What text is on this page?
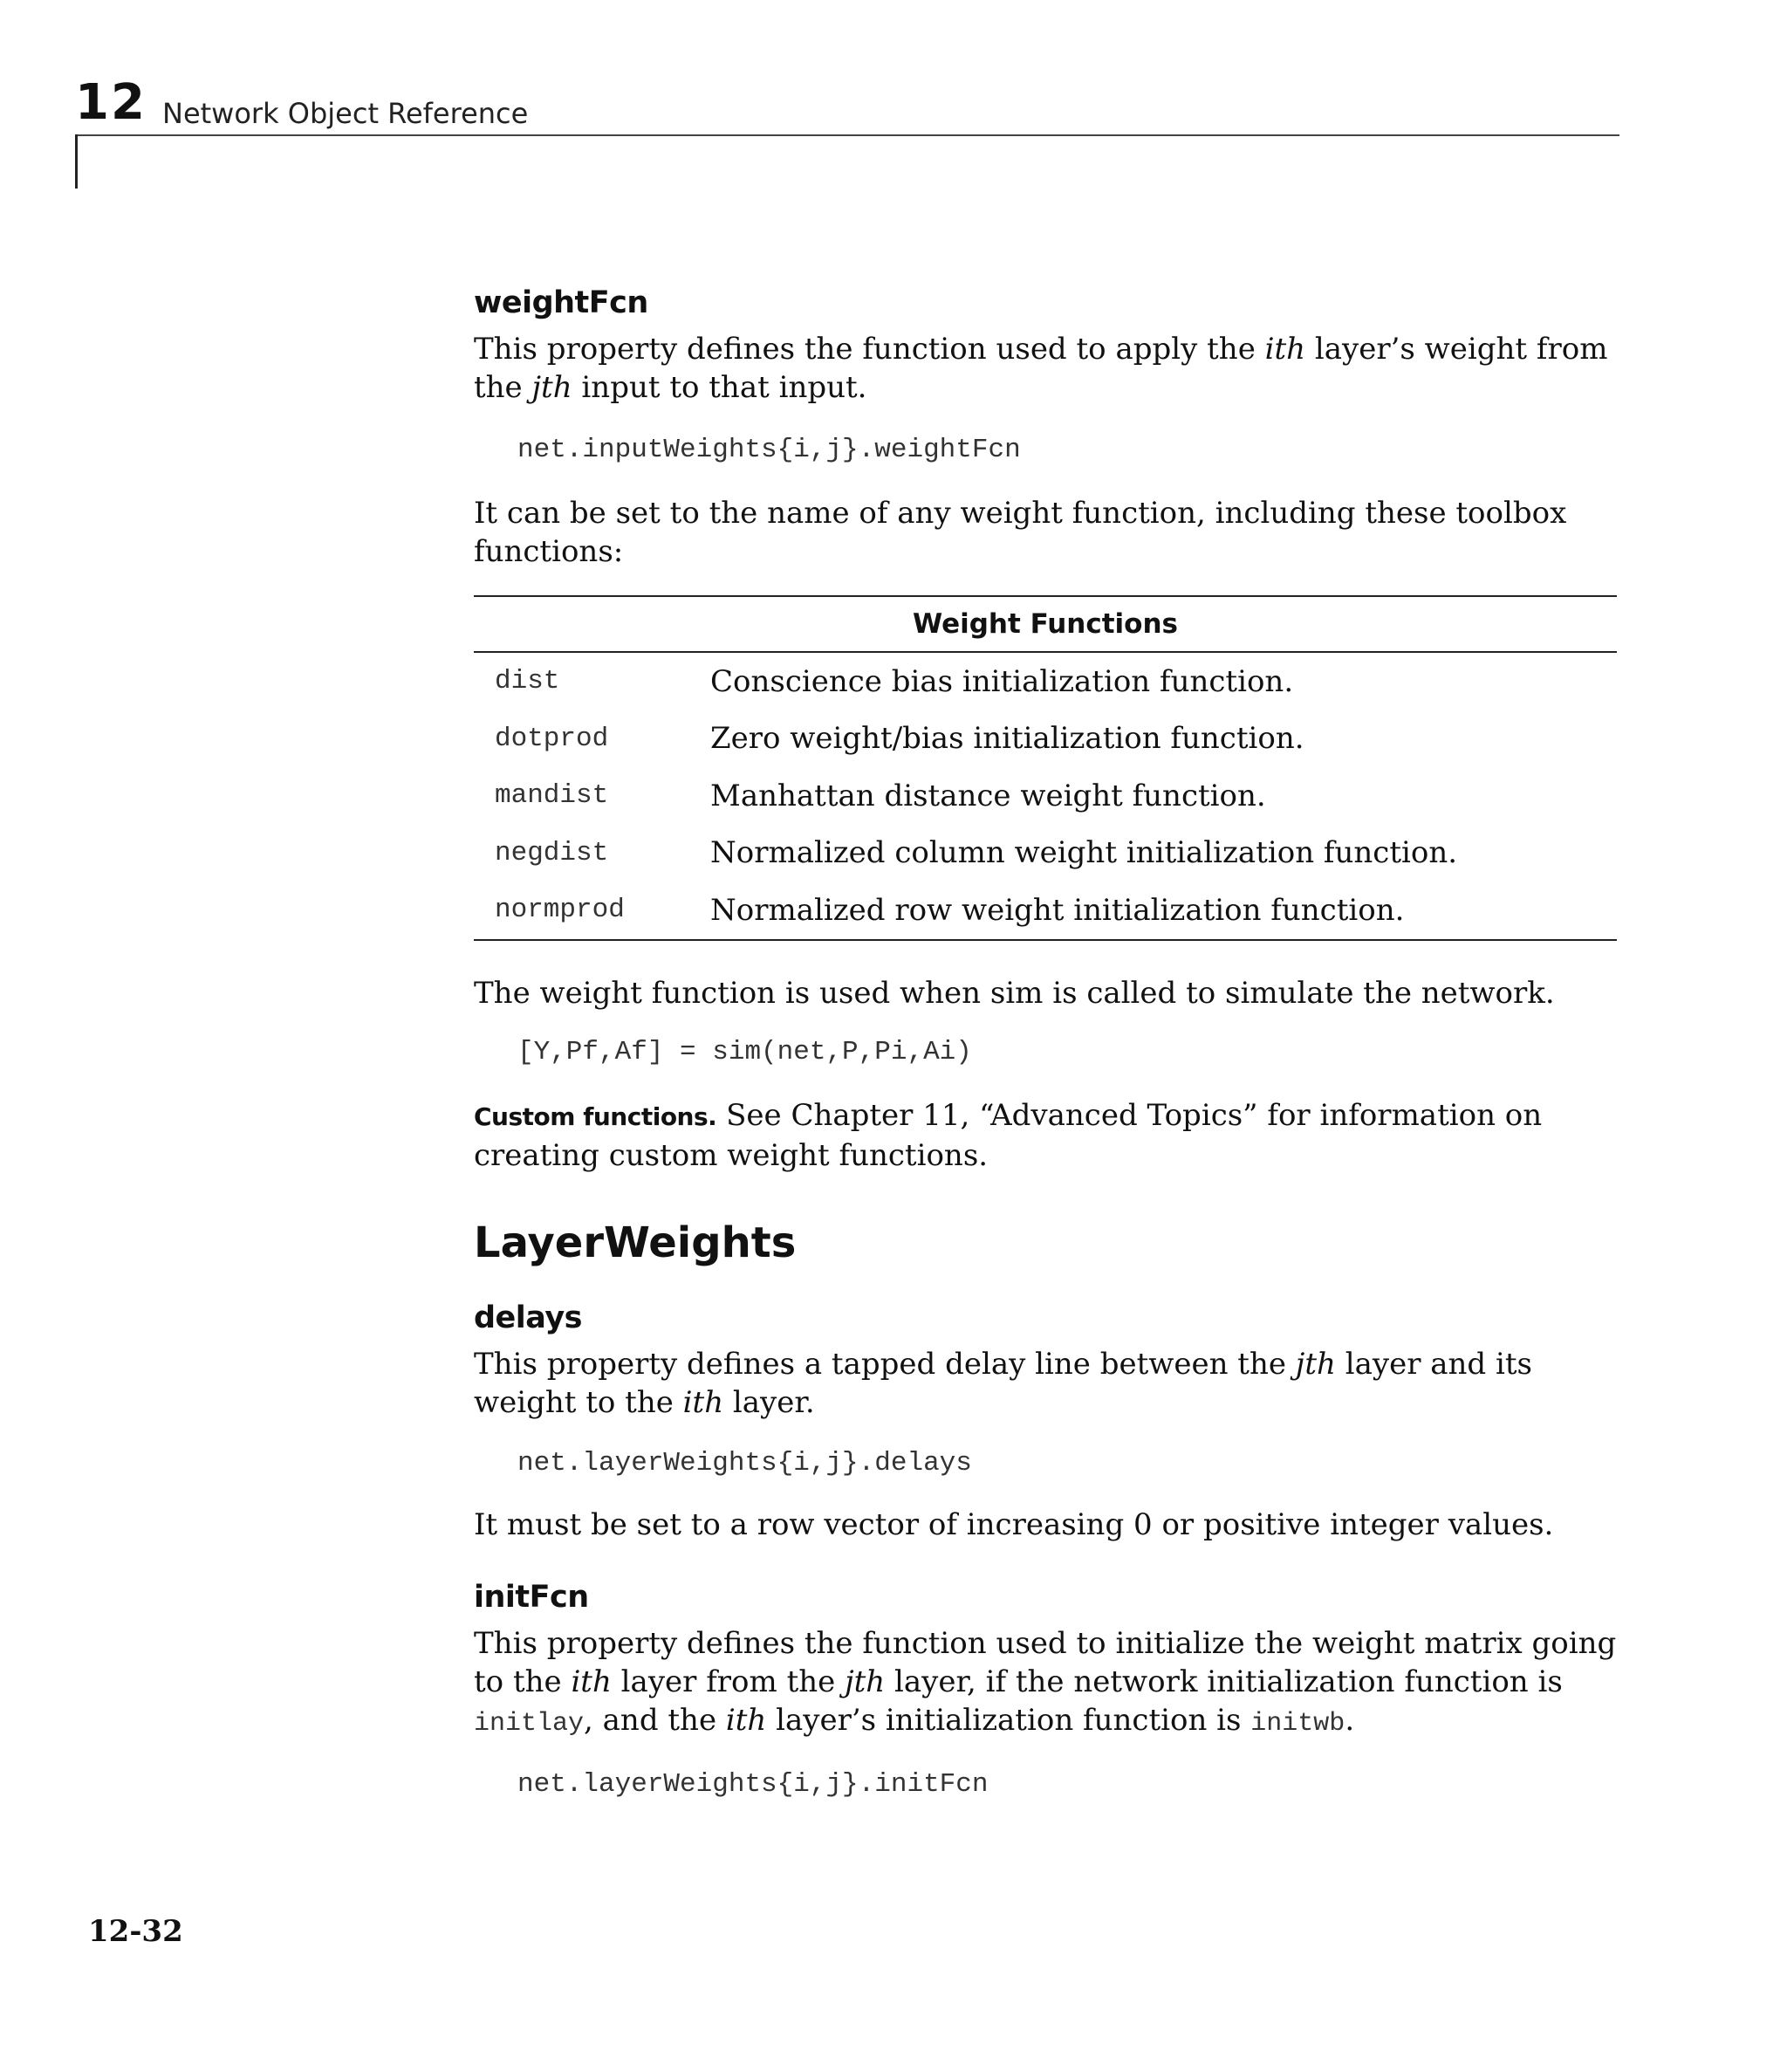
12 Network Object Reference
weightFcn

This property defines the function used to apply the ith layer’s weight from the jth input to that input.

net.inputWeights{i,j}.weightFcn

It can be set to the name of any weight function, including these toolbox functions:

Weight Functions
dist	Conscience bias initialization function.
dotprod	Zero weight/bias initialization function.
mandist	Manhattan distance weight function.
negdist	Normalized column weight initialization function.
normprod	Normalized row weight initialization function.

The weight function is used when sim is called to simulate the network.

[Y,Pf,Af] = sim(net,P,Pi,Ai)

Custom functions. See Chapter 11, “Advanced Topics” for information on creating custom weight functions.

LayerWeights
delays

This property defines a tapped delay line between the jth layer and its weight to the ith layer.

net.layerWeights{i,j}.delays

It must be set to a row vector of increasing 0 or positive integer values.

initFcn

This property defines the function used to initialize the weight matrix going to the ith layer from the jth layer, if the network initialization function is initlay, and the ith layer’s initialization function is initwb.

net.layerWeights{i,j}.initFcn
12-32
